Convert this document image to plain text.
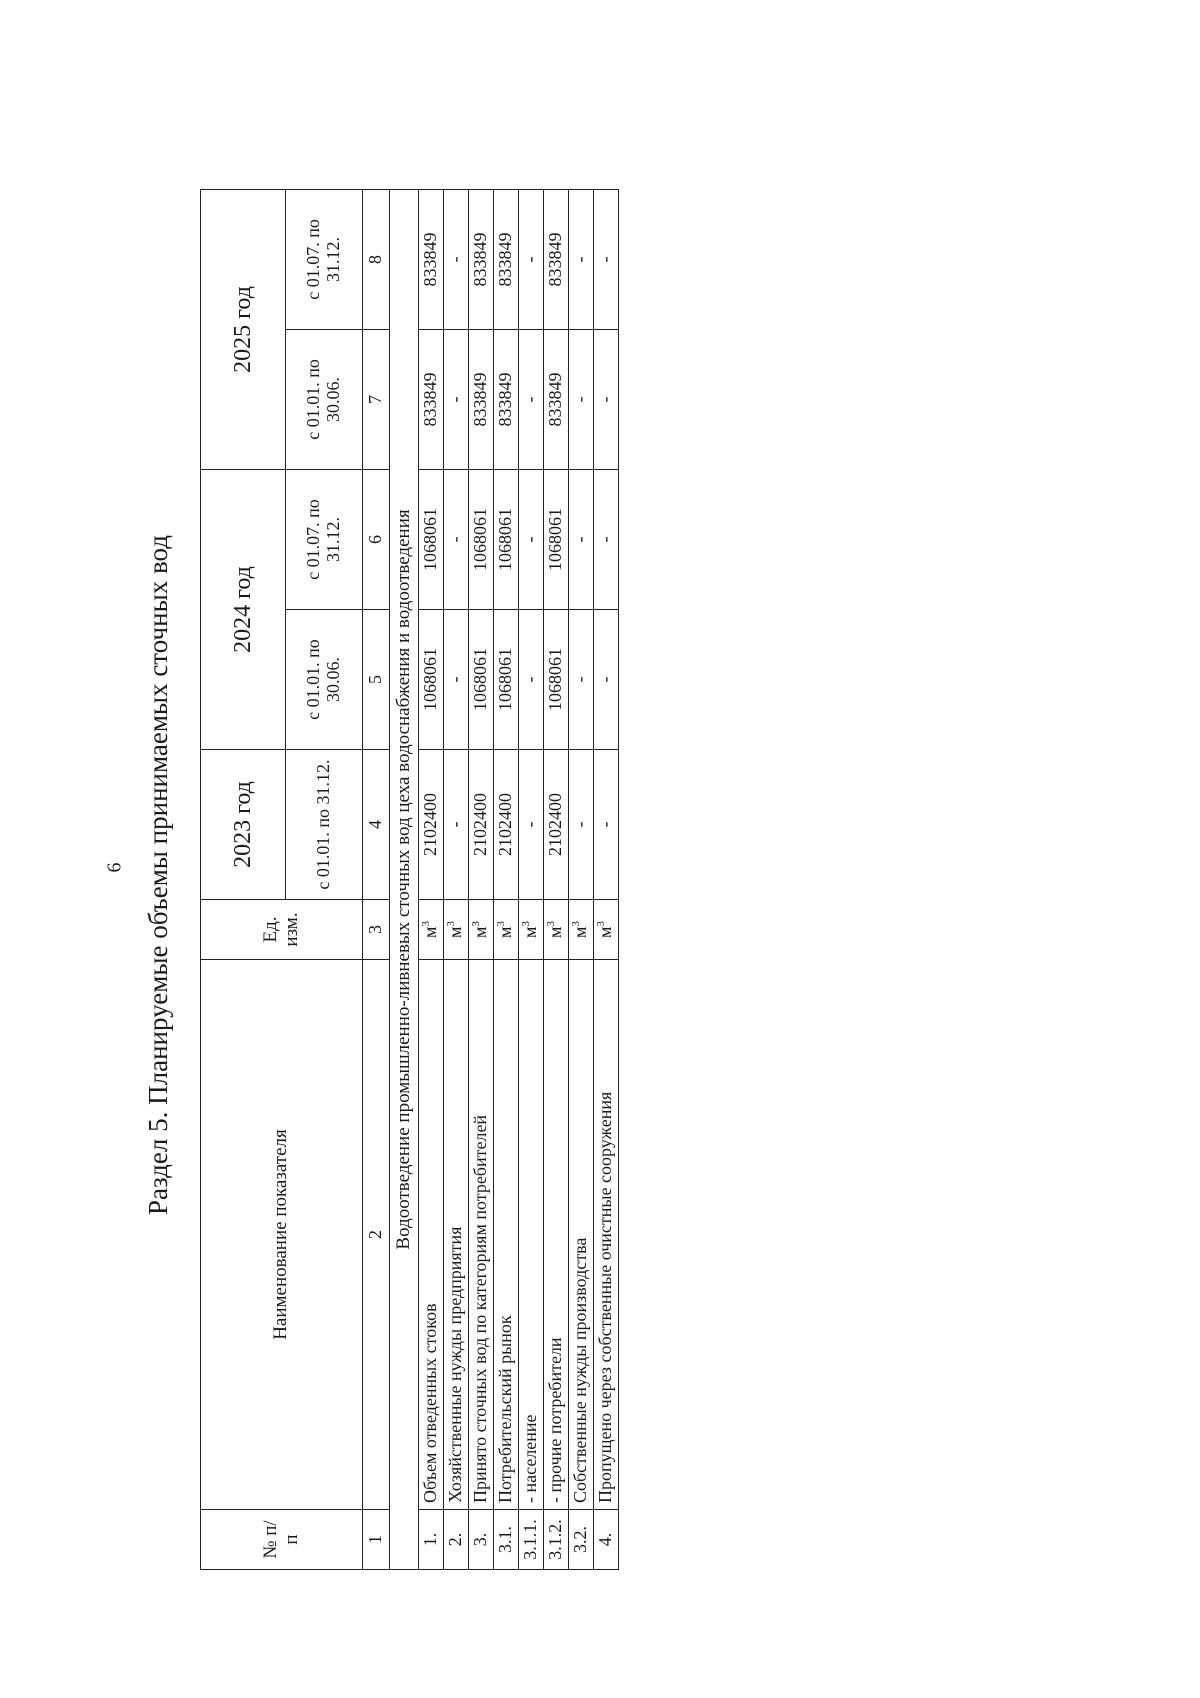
6 Раздел 5. Планируемые объемы принимаемых сточных вод
№ п/п	Наименование показателя	Ед. изм.	2023 год	2024 год		2025 год	
			с 01.01. по 31.12.	с 01.01. по 30.06.	с 01.07. по 31.12.	с 01.01. по 30.06.	с 01.07. по 31.12.
1	2	3	4	5	6	7	8
Водоотведение промышленно-ливневых сточных вод цеха водоснабжения и водоотведения							
1.	Объем отведенных стоков	$м^3$	2102400	1068061	1068061	833849	833849
2.	Хозяйственные нужды предприятия	$м^3$	-	-	-	-	-
3.	Принято сточных вод по категориям потребителей	$м^3$	2102400	1068061	1068061	833849	833849
3.1.	Потребительский рынок	$м^3$	2102400	1068061	1068061	833849	833849
3.1.1.	- население	$м^3$	-	-	-	-	-
3.1.2.	- прочие потребители	$м^3$	2102400	1068061	1068061	833849	833849
3.2.	Собственные нужды производства	$м^3$	-	-	-	-	-
4.	Пропущено через собственные очистные сооружения	$м^3$	-	-	-	-	-
